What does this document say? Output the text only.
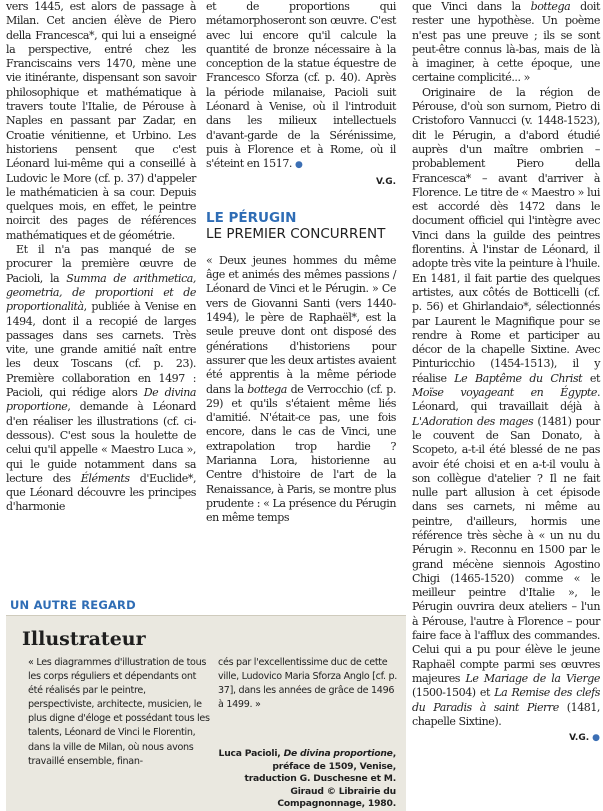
vers 1445, est alors de passage à Milan. Cet ancien élève de Piero della Francesca*, qui lui a enseigné la perspective, entré chez les Franciscains vers 1470, mène une vie itinérante, dispensant son savoir philosophique et mathématique à travers toute l'Italie, de Pérouse à Naples en passant par Zadar, en Croatie vénitienne, et Urbino. Les historiens pensent que c'est Léonard lui-même qui a conseillé à Ludovic le More (cf. p. 37) d'appeler le mathématicien à sa cour. Depuis quelques mois, en effet, le peintre noircit des pages de références mathématiques et de géométrie.

Et il n'a pas manqué de se procurer la première œuvre de Pacioli, la Summa de arithmetica, geometria, de proportioni et de proportionalità, publiée à Venise en 1494, dont il a recopié de larges passages dans ses carnets. Très vite, une grande amitié naît entre les deux Toscans (cf. p. 23). Première collaboration en 1497 : Pacioli, qui rédige alors De divina proportione, demande à Léonard d'en réaliser les illustrations (cf. ci-dessous). C'est sous la houlette de celui qu'il appelle « Maestro Luca », qui le guide notamment dans sa lecture des Éléments d'Euclide*, que Léonard découvre les principes d'harmonie

et de proportions qui métamorphoseront son œuvre. C'est avec lui encore qu'il calcule la quantité de bronze nécessaire à la conception de la statue équestre de Francesco Sforza (cf. p. 40). Après la période milanaise, Pacioli suit Léonard à Venise, où il l'introduit dans les milieux intellectuels d'avant-garde de la Sérénissime, puis à Florence et à Rome, où il s'éteint en 1517. ●

V.G.
LE PÉRUGIN
LE PREMIER CONCURRENT

« Deux jeunes hommes du même âge et animés des mêmes passions / Léonard de Vinci et le Pérugin. » Ce vers de Giovanni Santi (vers 1440-1494), le père de Raphaël*, est la seule preuve dont ont disposé des générations d'historiens pour assurer que les deux artistes avaient été apprentis à la même période dans la bottega de Verrocchio (cf. p. 29) et qu'ils s'étaient même liés d'amitié. N'était-ce pas, une fois encore, dans le cas de Vinci, une extrapolation trop hardie ? Marianna Lora, historienne au Centre d'histoire de l'art de la Renaissance, à Paris, se montre plus prudente : « La présence du Pérugin en même temps

que Vinci dans la bottega doit rester une hypothèse. Un poème n'est pas une preuve ; ils se sont peut-être connus là-bas, mais de là à imaginer, à cette époque, une certaine complicité... »

Originaire de la région de Pérouse, d'où son surnom, Pietro di Cristoforo Vannucci (v. 1448-1523), dit le Pérugin, a d'abord étudié auprès d'un maître ombrien – probablement Piero della Francesca* – avant d'arriver à Florence. Le titre de « Maestro » lui est accordé dès 1472 dans le document officiel qui l'intègre avec Vinci dans la guilde des peintres florentins. À l'instar de Léonard, il adopte très vite la peinture à l'huile. En 1481, il fait partie des quelques artistes, aux côtés de Botticelli (cf. p. 56) et Ghirlandaio*, sélectionnés par Laurent le Magnifique pour se rendre à Rome et participer au décor de la chapelle Sixtine. Avec Pinturicchio (1454-1513), il y réalise Le Baptême du Christ et Moïse voyageant en Égypte. Léonard, qui travaillait déjà à L'Adoration des mages (1481) pour le couvent de San Donato, à Scopeto, a-t-il été blessé de ne pas avoir été choisi et en a-t-il voulu à son collègue d'atelier ? Il ne fait nulle part allusion à cet épisode dans ses carnets, ni même au peintre, d'ailleurs, hormis une référence très sèche à « un nu du Pérugin ». Reconnu en 1500 par le grand mécène siennois Agostino Chigi (1465-1520) comme « le meilleur peintre d'Italie », le Pérugin ouvrira deux ateliers – l'un à Pérouse, l'autre à Florence – pour faire face à l'afflux des commandes. Celui qui a pu pour élève le jeune Raphaël compte parmi ses œuvres majeures Le Mariage de la Vierge (1500-1504) et La Remise des clefs du Paradis à saint Pierre (1481, chapelle Sixtine).

V.G. ●
UN AUTRE REGARD
Illustrateur

« Les diagrammes d'illustration de tous les corps réguliers et dépendants ont été réalisés par le peintre, perspectiviste, architecte, musicien, le plus digne d'éloge et possédant tous les talents, Léonard de Vinci le Florentin, dans la ville de Milan, où nous avons travaillé ensemble, finan-

cés par l'excellentissime duc de cette ville, Ludovico Maria Sforza Anglo [cf. p. 37], dans les années de grâce de 1496 à 1499. »

Luca Pacioli, De divina proportione, préface de 1509, Venise, traduction G. Duschesne et M. Giraud © Librairie du Compagnonnage, 1980.
